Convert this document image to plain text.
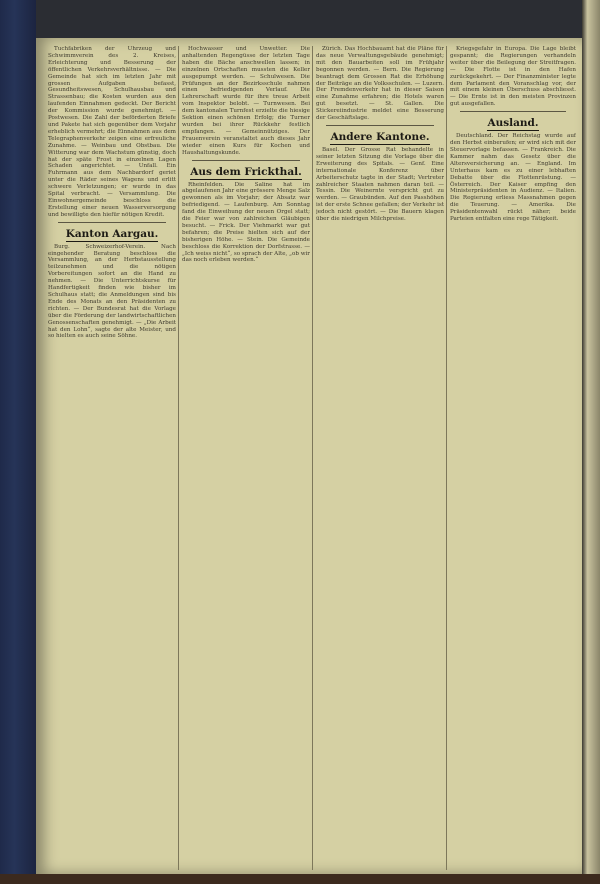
Tuchfabriken der Uhrzeug und Schwimmverein des 2. Kreises, Erleichterung und Besserung der öffentlichen Verkehrsverhältnisse. — Die Gemeinde hat sich im letzten Jahr mit grossen Aufgaben befasst, Gesundheitswesen, Schulhausbau und Strassenbau; die Kosten wurden aus den laufenden Einnahmen gedeckt. Der Bericht der Kommission wurde genehmigt. — Postwesen. Die Zahl der beförderten Briefe und Pakete hat sich gegenüber dem Vorjahr erheblich vermehrt; die Einnahmen aus dem Telegraphenverkehr zeigen eine erfreuliche Zunahme. — Weinbau und Obstbau. Die Witterung war dem Wachstum günstig, doch hat der späte Frost in einzelnen Lagen Schaden angerichtet. — Unfall. Ein Fuhrmann aus dem Nachbardorf geriet unter die Räder seines Wagens und erlitt schwere Verletzungen; er wurde in das Spital verbracht. — Versammlung. Die Einwohnergemeinde beschloss die Erstellung einer neuen Wasserversorgung und bewilligte den hiefür nötigen Kredit.

Kanton Aargau.

Burg. Schweizerhof-Verein. Nach eingehender Beratung beschloss die Versammlung, an der Herbstausstellung teilzunehmen und die nötigen Vorbereitungen sofort an die Hand zu nehmen. — Die Unterrichtskurse für Handfertigkeit finden wie bisher im Schulhaus statt; die Anmeldungen sind bis Ende des Monats an den Präsidenten zu richten. — Der Bundesrat hat die Vorlage über die Förderung der landwirtschaftlichen Genossenschaften genehmigt. — „Die Arbeit hat den Lohn“, sagte der alte Meister, und so hielten es auch seine Söhne.

Hochwasser und Unwetter. Die anhaltenden Regengüsse der letzten Tage haben die Bäche anschwellen lassen; in einzelnen Ortschaften mussten die Keller ausgepumpt werden. — Schulwesen. Die Prüfungen an der Bezirksschule nahmen einen befriedigenden Verlauf. Die Lehrerschaft wurde für ihre treue Arbeit vom Inspektor belobt. — Turnwesen. Bei dem kantonalen Turnfest erzielte die hiesige Sektion einen schönen Erfolg; die Turner wurden bei ihrer Rückkehr festlich empfangen. — Gemeinnütziges. Der Frauenverein veranstaltet auch dieses Jahr wieder einen Kurs für Kochen und Haushaltungskunde.

Aus dem Frickthal.

Rheinfelden. Die Saline hat im abgelaufenen Jahr eine grössere Menge Salz gewonnen als im Vorjahr; der Absatz war befriedigend. — Laufenburg. Am Sonntag fand die Einweihung der neuen Orgel statt; die Feier war von zahlreichen Gläubigen besucht. — Frick. Der Viehmarkt war gut befahren; die Preise hielten sich auf der bisherigen Höhe. — Stein. Die Gemeinde beschloss die Korrektion der Dorfstrasse. — „Ich weiss nicht“, so sprach der Alte, „ob wir das noch erleben werden.“

Zürich. Das Hochbauamt hat die Pläne für das neue Verwaltungsgebäude genehmigt; mit den Bauarbeiten soll im Frühjahr begonnen werden. — Bern. Die Regierung beantragt dem Grossen Rat die Erhöhung der Beiträge an die Volksschulen. — Luzern. Der Fremdenverkehr hat in dieser Saison eine Zunahme erfahren; die Hotels waren gut besetzt. — St. Gallen. Die Stickereiindustrie meldet eine Besserung der Geschäftslage.

Andere Kantone.

Basel. Der Grosse Rat behandelte in seiner letzten Sitzung die Vorlage über die Erweiterung des Spitals. — Genf. Eine internationale Konferenz über Arbeiterschutz tagte in der Stadt; Vertreter zahlreicher Staaten nahmen daran teil. — Tessin. Die Weinernte verspricht gut zu werden. — Graubünden. Auf den Passhöhen ist der erste Schnee gefallen; der Verkehr ist jedoch nicht gestört. — Die Bauern klagen über die niedrigen Milchpreise.

Kriegsgefahr in Europa. Die Lage bleibt gespannt; die Regierungen verhandeln weiter über die Beilegung der Streitfragen. — Die Flotte ist in den Hafen zurückgekehrt. — Der Finanzminister legte dem Parlament den Voranschlag vor, der mit einem kleinen Überschuss abschliesst. — Die Ernte ist in den meisten Provinzen gut ausgefallen.

Ausland.

Deutschland. Der Reichstag wurde auf den Herbst einberufen; er wird sich mit der Steuervorlage befassen. — Frankreich. Die Kammer nahm das Gesetz über die Altersversicherung an. — England. Im Unterhaus kam es zu einer lebhaften Debatte über die Flottenrüstung. — Österreich. Der Kaiser empfing den Ministerpräsidenten in Audienz. — Italien. Die Regierung erliess Massnahmen gegen die Teuerung. — Amerika. Die Präsidentenwahl rückt näher; beide Parteien entfalten eine rege Tätigkeit.
